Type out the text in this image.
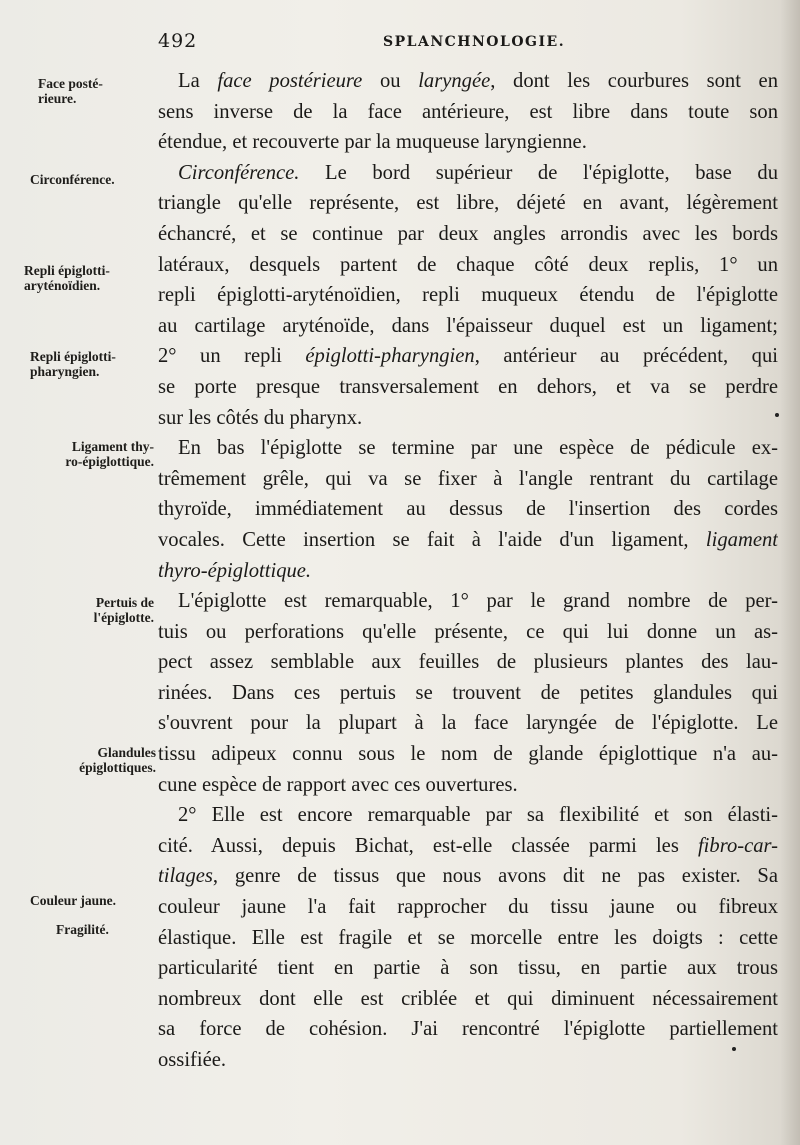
492	SPLANCHNOLOGIE.
Face posté-
rieure.
Circonférence.
Repli épiglotti-
aryténoïdien.
Repli épiglotti-
pharyngien.
Ligament thy-
ro-épiglottique.
Pertuis de
l'épiglotte.
Glandules
épiglottiques.
Couleur jaune.
Fragilité.
La face postérieure ou laryngée, dont les courbures sont en
sens inverse de la face antérieure, est libre dans toute son
étendue, et recouverte par la muqueuse laryngienne.
Circonférence. Le bord supérieur de l'épiglotte, base du
triangle qu'elle représente, est libre, déjeté en avant, légèrement
échancré, et se continue par deux angles arrondis avec les bords
latéraux, desquels partent de chaque côté deux replis, 1° un
repli épiglotti-aryténoïdien, repli muqueux étendu de l'épiglotte
au cartilage aryténoïde, dans l'épaisseur duquel est un ligament;
2° un repli épiglotti-pharyngien, antérieur au précédent, qui
se porte presque transversalement en dehors, et va se perdre
sur les côtés du pharynx.
En bas l'épiglotte se termine par une espèce de pédicule ex-
trêmement grêle, qui va se fixer à l'angle rentrant du cartilage
thyroïde, immédiatement au dessus de l'insertion des cordes
vocales. Cette insertion se fait à l'aide d'un ligament, ligament
thyro-épiglottique.
L'épiglotte est remarquable, 1° par le grand nombre de per-
tuis ou perforations qu'elle présente, ce qui lui donne un as-
pect assez semblable aux feuilles de plusieurs plantes des lau-
rinées. Dans ces pertuis se trouvent de petites glandules qui
s'ouvrent pour la plupart à la face laryngée de l'épiglotte. Le
tissu adipeux connu sous le nom de glande épiglottique n'a au-
cune espèce de rapport avec ces ouvertures.
2° Elle est encore remarquable par sa flexibilité et son élasti-
cité. Aussi, depuis Bichat, est-elle classée parmi les fibro-car-
tilages, genre de tissus que nous avons dit ne pas exister. Sa
couleur jaune l'a fait rapprocher du tissu jaune ou fibreux
élastique. Elle est fragile et se morcelle entre les doigts : cette
particularité tient en partie à son tissu, en partie aux trous
nombreux dont elle est criblée et qui diminuent nécessairement
sa force de cohésion. J'ai rencontré l'épiglotte partiellement
ossifiée.
